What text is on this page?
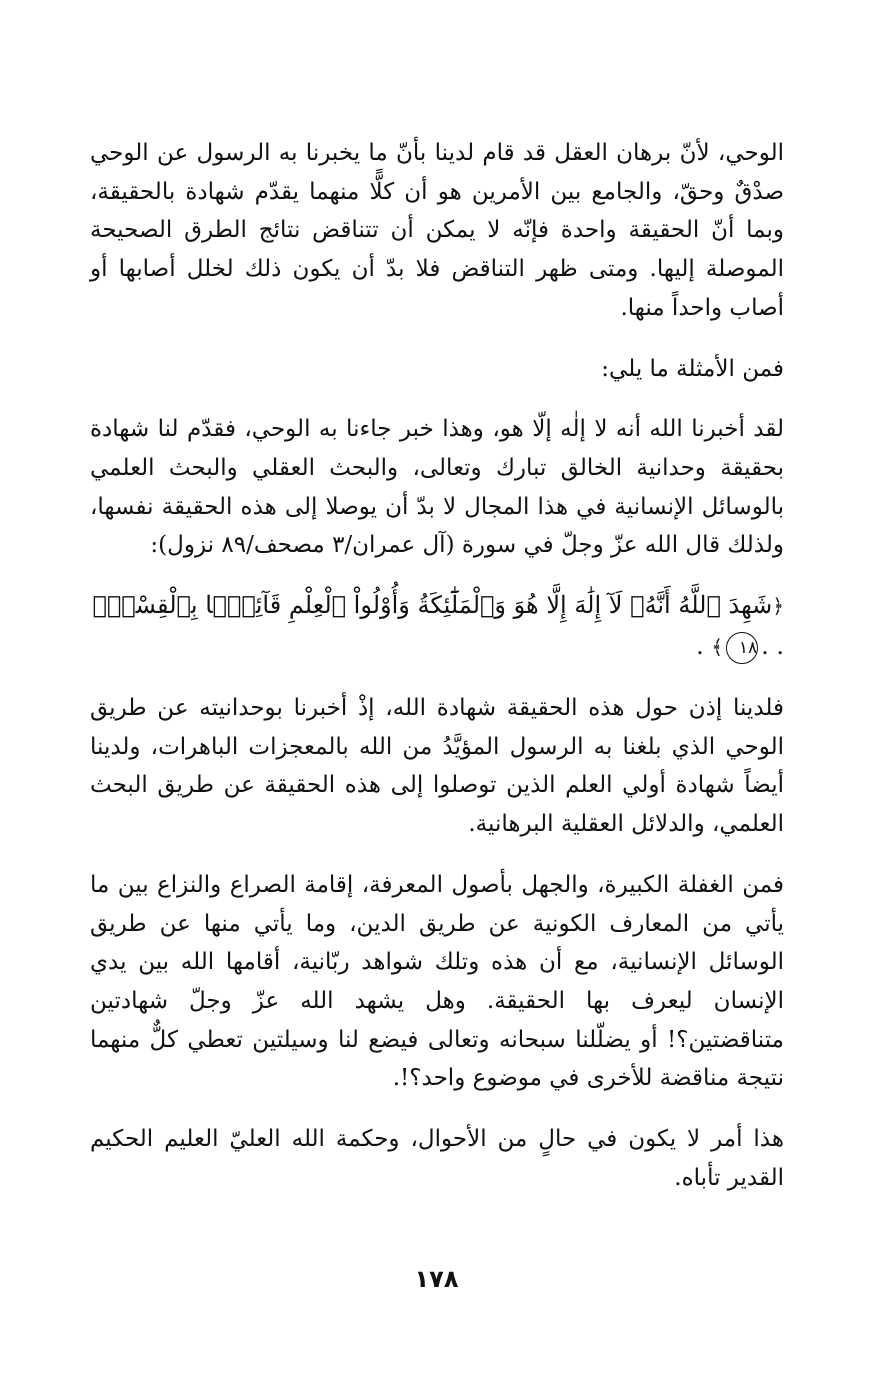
الوحي، لأنّ برهان العقل قد قام لدينا بأنّ ما يخبرنا به الرسول عن الوحي صدْقٌ وحقّ، والجامع بين الأمرين هو أن كلًّا منهما يقدّم شهادة بالحقيقة، وبما أنّ الحقيقة واحدة فإنّه لا يمكن أن تتناقض نتائج الطرق الصحيحة الموصلة إليها. ومتى ظهر التناقض فلا بدّ أن يكون ذلك لخلل أصابها أو أصاب واحداً منها.

فمن الأمثلة ما يلي:

لقد أخبرنا الله أنه لا إلٰه إلّا هو، وهذا خبر جاءنا به الوحي، فقدّم لنا شهادة بحقيقة وحدانية الخالق تبارك وتعالى، والبحث العقلي والبحث العلمي بالوسائل الإنسانية في هذا المجال لا بدّ أن يوصلا إلى هذه الحقيقة نفسها، ولذلك قال الله عزّ وجلّ في سورة (آل عمران/٣ مصحف/٨٩ نزول):

﴿شَهِدَ ٱللَّهُ أَنَّهُۥ لَآ إِلَٰهَ إِلَّا هُوَ وَٱلْمَلَٰٓئِكَةُ وَأُوْلُواْ ٱلْعِلْمِ قَآئِمَۢا بِٱلْقِسْطِۚ . .١٨﴾ .

فلدينا إذن حول هذه الحقيقة شهادة الله، إذْ أخبرنا بوحدانيته عن طريق الوحي الذي بلغنا به الرسول المؤيَّدُ من الله بالمعجزات الباهرات، ولدينا أيضاً شهادة أولي العلم الذين توصلوا إلى هذه الحقيقة عن طريق البحث العلمي، والدلائل العقلية البرهانية.

فمن الغفلة الكبيرة، والجهل بأصول المعرفة، إقامة الصراع والنزاع بين ما يأتي من المعارف الكونية عن طريق الدين، وما يأتي منها عن طريق الوسائل الإنسانية، مع أن هذه وتلك شواهد ربّانية، أقامها الله بين يدي الإنسان ليعرف بها الحقيقة. وهل يشهد الله عزّ وجلّ شهادتين متناقضتين؟! أو يضلّلنا سبحانه وتعالى فيضع لنا وسيلتين تعطي كلٌّ منهما نتيجة مناقضة للأخرى في موضوع واحد؟!.

هذا أمر لا يكون في حالٍ من الأحوال، وحكمة الله العليّ العليم الحكيم القدير تأباه.

١٧٨
